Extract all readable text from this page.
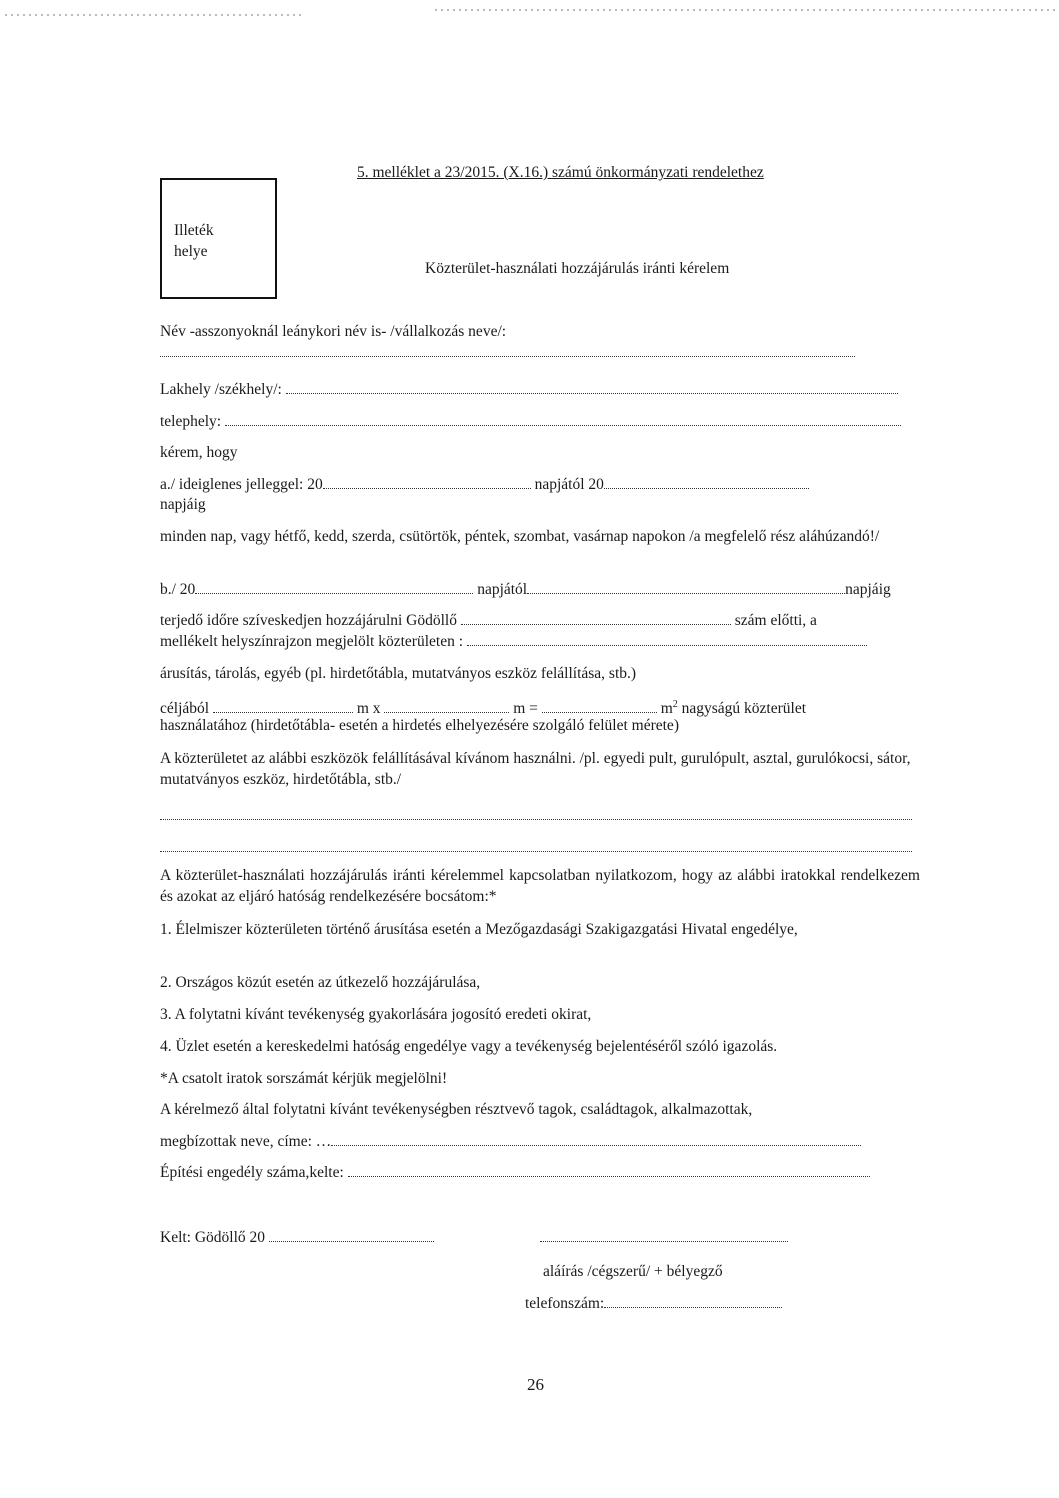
5. melléklet a 23/2015. (X.16.) számú önkormányzati rendelethez
Illeték
helye
Közterület-használati hozzájárulás iránti kérelem
Név -asszonyoknál leánykori név is- /vállalkozás neve/:
Lakhely /székhely/:
telephely:
kérem, hogy
a./ ideiglenes jelleggel: 20	napjától 20
napjáig
minden nap, vagy hétfő, kedd, szerda, csütörtök, péntek, szombat, vasárnap napokon /a megfelelő rész aláhúzandó!/
b./ 20	napjától	napjáig
terjedő időre szíveskedjen hozzájárulni Gödöllő	szám előtti, a
mellékelt helyszínrajzon megjelölt közterületen :
árusítás, tárolás, egyéb (pl. hirdetőtábla, mutatványos eszköz felállítása, stb.)
céljából	m x	m =	$m^2$ nagyságú közterület
használatához (hirdetőtábla- esetén a hirdetés elhelyezésére szolgáló felület mérete)
A közterületet az alábbi eszközök felállításával kívánom használni. /pl. egyedi pult, gurulópult, asztal, gurulókocsi, sátor, mutatványos eszköz, hirdetőtábla, stb./
A közterület-használati hozzájárulás iránti kérelemmel kapcsolatban nyilatkozom, hogy az alábbi iratokkal rendelkezem és azokat az eljáró hatóság rendelkezésére bocsátom:*
1. Élelmiszer közterületen történő árusítása esetén a Mezőgazdasági Szakigazgatási Hivatal engedélye,
2. Országos közút esetén az útkezelő hozzájárulása,
3. A folytatni kívánt tevékenység gyakorlására jogosító eredeti okirat,
4. Üzlet esetén a kereskedelmi hatóság engedélye vagy a tevékenység bejelentéséről szóló igazolás.
*A csatolt iratok sorszámát kérjük megjelölni!
A kérelmező által folytatni kívánt tevékenységben résztvevő tagok, családtagok, alkalmazottak,
megbízottak neve, címe: …
Építési engedély száma,kelte:
Kelt: Gödöllő 20
aláírás /cégszerű/ + bélyegző
telefonszám:
26
